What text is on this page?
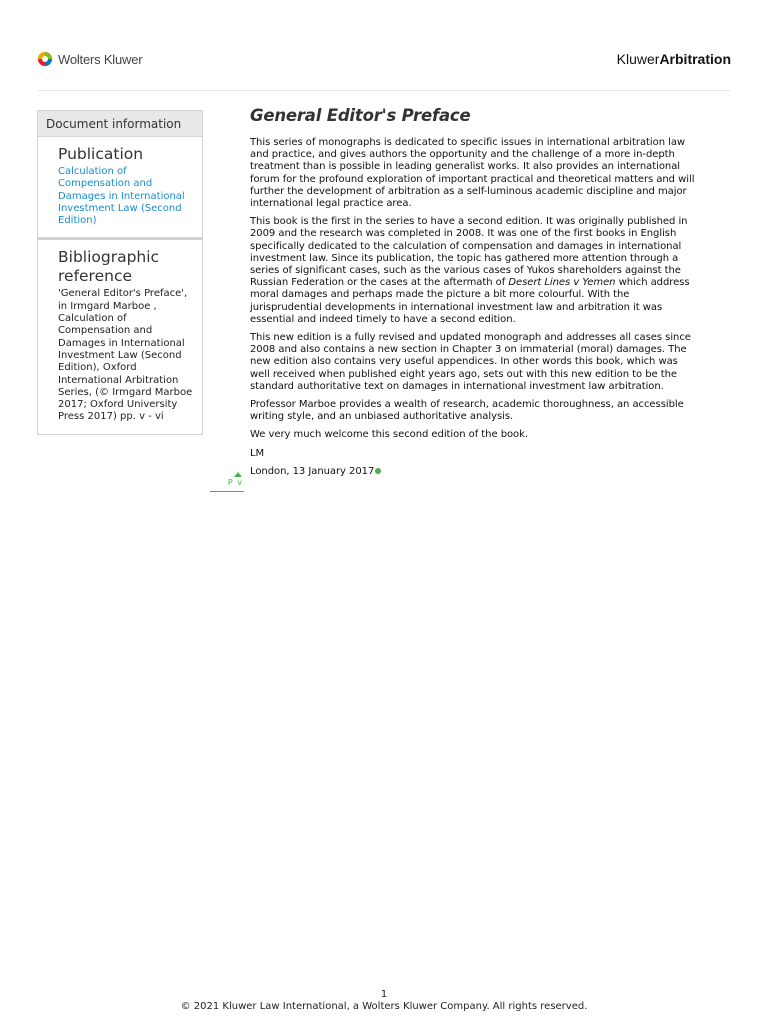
Wolters Kluwer	KluwerArbitration
Document information
Publication
Calculation of Compensation and Damages in International Investment Law (Second Edition)
Bibliographic reference
'General Editor's Preface', in Irmgard Marboe , Calculation of Compensation and Damages in International Investment Law (Second Edition), Oxford International Arbitration Series, (© Irmgard Marboe 2017; Oxford University Press 2017) pp. v - vi
General Editor's Preface

This series of monographs is dedicated to specific issues in international arbitration law and practice, and gives authors the opportunity and the challenge of a more in-depth treatment than is possible in leading generalist works. It also provides an international forum for the profound exploration of important practical and theoretical matters and will further the development of arbitration as a self-luminous academic discipline and major international legal practice area.

This book is the first in the series to have a second edition. It was originally published in 2009 and the research was completed in 2008. It was one of the first books in English specifically dedicated to the calculation of compensation and damages in international investment law. Since its publication, the topic has gathered more attention through a series of significant cases, such as the various cases of Yukos shareholders against the Russian Federation or the cases at the aftermath of Desert Lines v Yemen which address moral damages and perhaps made the picture a bit more colourful. With the jurisprudential developments in international investment law and arbitration it was essential and indeed timely to have a second edition.

This new edition is a fully revised and updated monograph and addresses all cases since 2008 and also contains a new section in Chapter 3 on immaterial (moral) damages. The new edition also contains very useful appendices. In other words this book, which was well received when published eight years ago, sets out with this new edition to be the standard authoritative text on damages in international investment law arbitration.

Professor Marboe provides a wealth of research, academic thoroughness, an accessible writing style, and an unbiased authoritative analysis.

We very much welcome this second edition of the book.

LM

London, 13 January 2017

P v
1
© 2021 Kluwer Law International, a Wolters Kluwer Company. All rights reserved.
